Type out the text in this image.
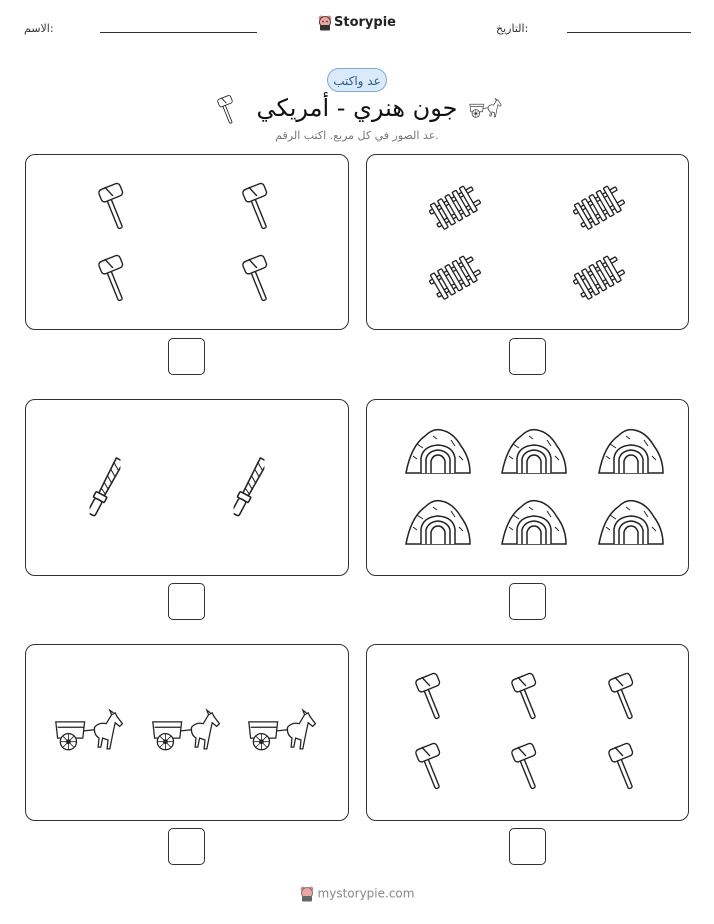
الاسم:	التاريخ:
Storypie
عد واكتب
جون هنري - أمريكي
عد الصور في كل مربع. اكتب الرقم.
mystorypie.com
